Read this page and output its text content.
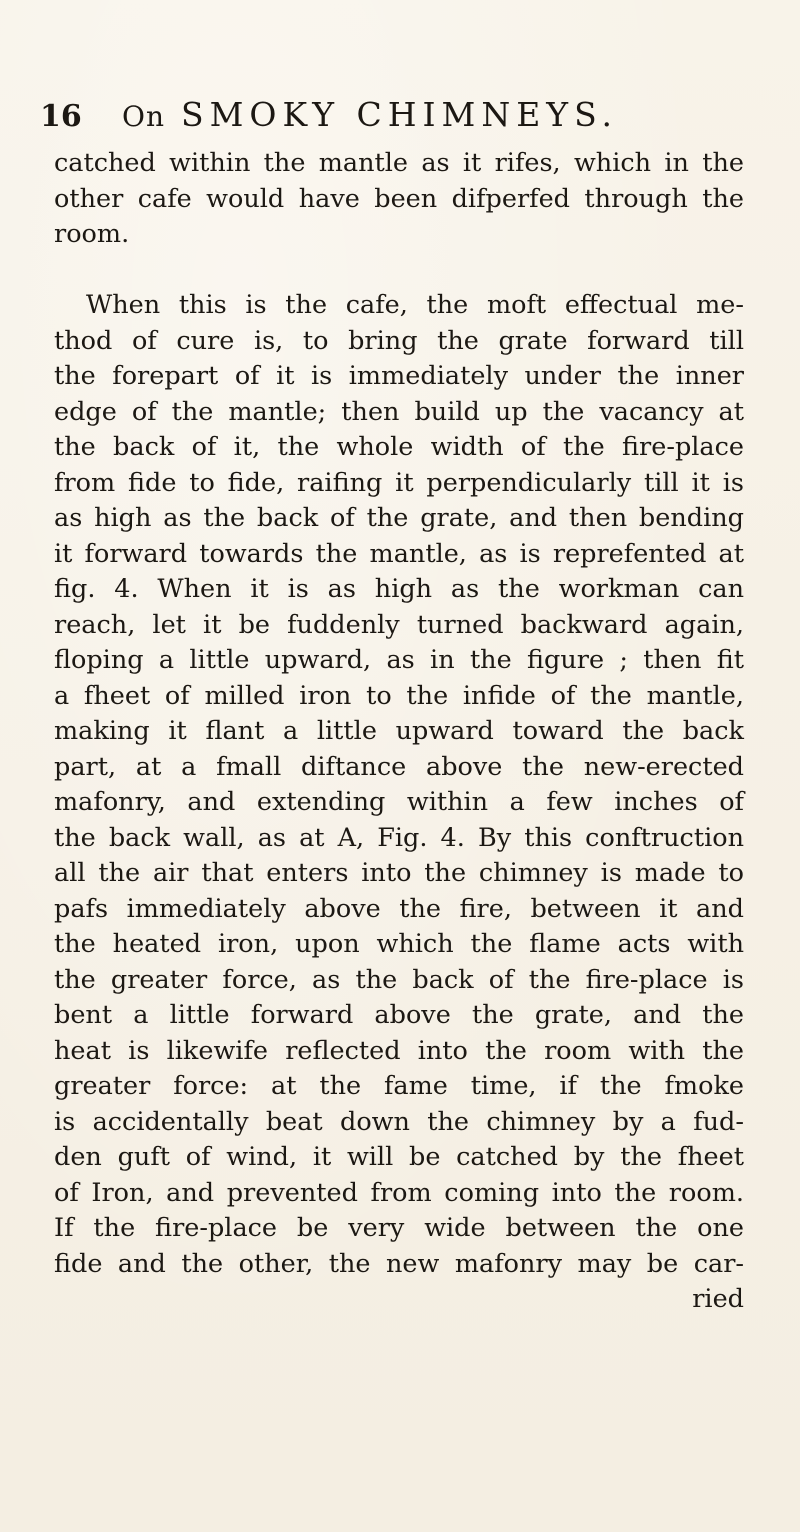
16 On SMOKY CHIMNEYS.
catched within the mantle as it rifes, which in the
other cafe would have been difperfed through the
room.
When this is the cafe, the moft effectual me-
thod of cure is, to bring the grate forward till
the forepart of it is immediately under the inner
edge of the mantle; then build up the vacancy at
the back of it, the whole width of the fire-place
from fide to fide, raifing it perpendicularly till it is
as high as the back of the grate, and then bending
it forward towards the mantle, as is reprefented at
fig. 4. When it is as high as the workman can
reach, let it be fuddenly turned backward again,
floping a little upward, as in the figure ; then fit
a fheet of milled iron to the infide of the mantle,
making it flant a little upward toward the back
part, at a fmall diftance above the new-erected
mafonry, and extending within a few inches of
the back wall, as at A, Fig. 4. By this conftruction
all the air that enters into the chimney is made to
pafs immediately above the fire, between it and
the heated iron, upon which the flame acts with
the greater force, as the back of the fire-place is
bent a little forward above the grate, and the
heat is likewife reflected into the room with the
greater force: at the fame time, if the fmoke
is accidentally beat down the chimney by a fud-
den guft of wind, it will be catched by the fheet
of Iron, and prevented from coming into the room.
If the fire-place be very wide between the one
fide and the other, the new mafonry may be car-
ried
